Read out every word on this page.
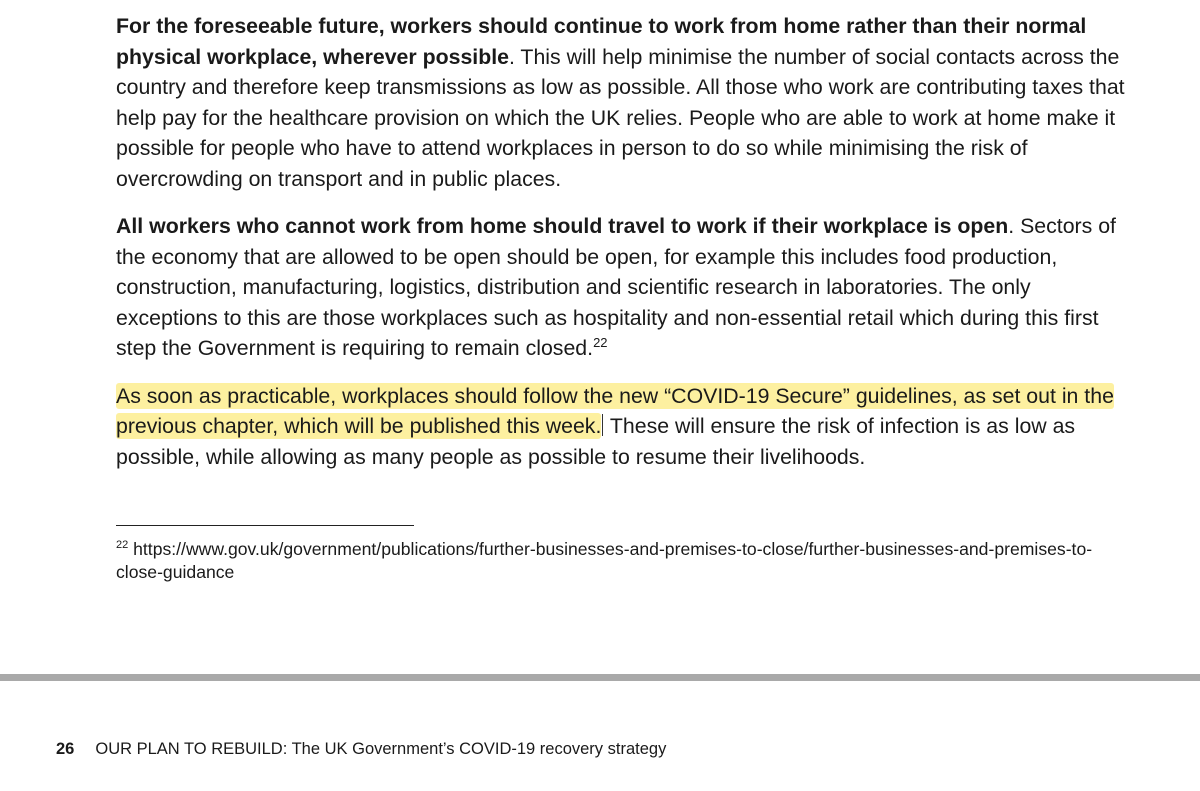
For the foreseeable future, workers should continue to work from home rather than their normal physical workplace, wherever possible. This will help minimise the number of social contacts across the country and therefore keep transmissions as low as possible. All those who work are contributing taxes that help pay for the healthcare provision on which the UK relies. People who are able to work at home make it possible for people who have to attend workplaces in person to do so while minimising the risk of overcrowding on transport and in public places.

All workers who cannot work from home should travel to work if their workplace is open. Sectors of the economy that are allowed to be open should be open, for example this includes food production, construction, manufacturing, logistics, distribution and scientific research in laboratories. The only exceptions to this are those workplaces such as hospitality and non-essential retail which during this first step the Government is requiring to remain closed.$^{22}$

As soon as practicable, workplaces should follow the new “COVID-19 Secure” guidelines, as set out in the previous chapter, which will be published this week. These will ensure the risk of infection is as low as possible, while allowing as many people as possible to resume their livelihoods.

$^{22}$ https://www.gov.uk/government/publications/further-businesses-and-premises-to-close/further-businesses-and-premises-to-close-guidance

26 OUR PLAN TO REBUILD: The UK Government’s COVID-19 recovery strategy
